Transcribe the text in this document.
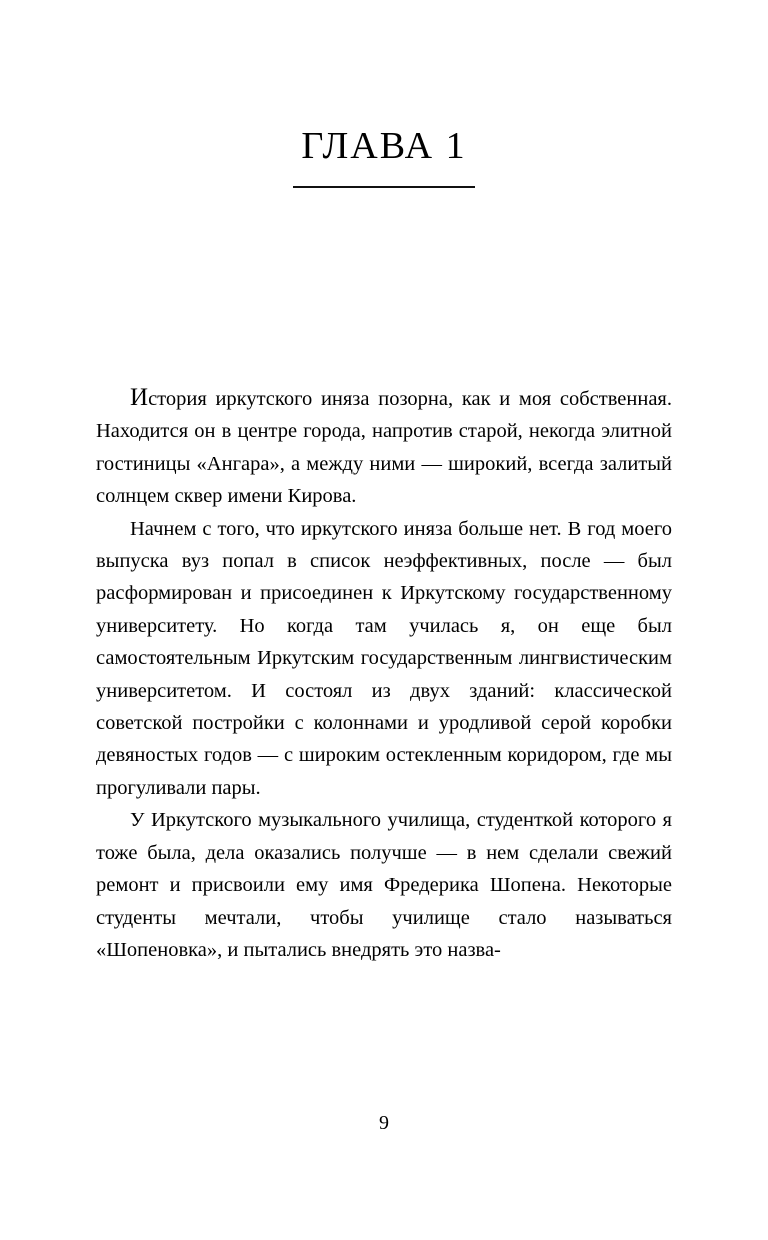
ГЛАВА 1

История иркутского иняза позорна, как и моя собственная. Находится он в центре города, напротив старой, некогда элитной гостиницы «Ангара», а между ними — широкий, всегда залитый солнцем сквер имени Кирова.

Начнем с того, что иркутского иняза больше нет. В год моего выпуска вуз попал в список неэффективных, после — был расформирован и присоединен к Иркутскому государственному университету. Но когда там училась я, он еще был самостоятельным Иркутским государственным лингвистическим университетом. И состоял из двух зданий: классической советской постройки с колоннами и уродливой серой коробки девяностых годов — с широким остекленным коридором, где мы прогуливали пары.

У Иркутского музыкального училища, студенткой которого я тоже была, дела оказались получше — в нем сделали свежий ремонт и присвоили ему имя Фредерика Шопена. Некоторые студенты мечтали, чтобы училище стало называться «Шопеновка», и пытались внедрять это назва-

9
